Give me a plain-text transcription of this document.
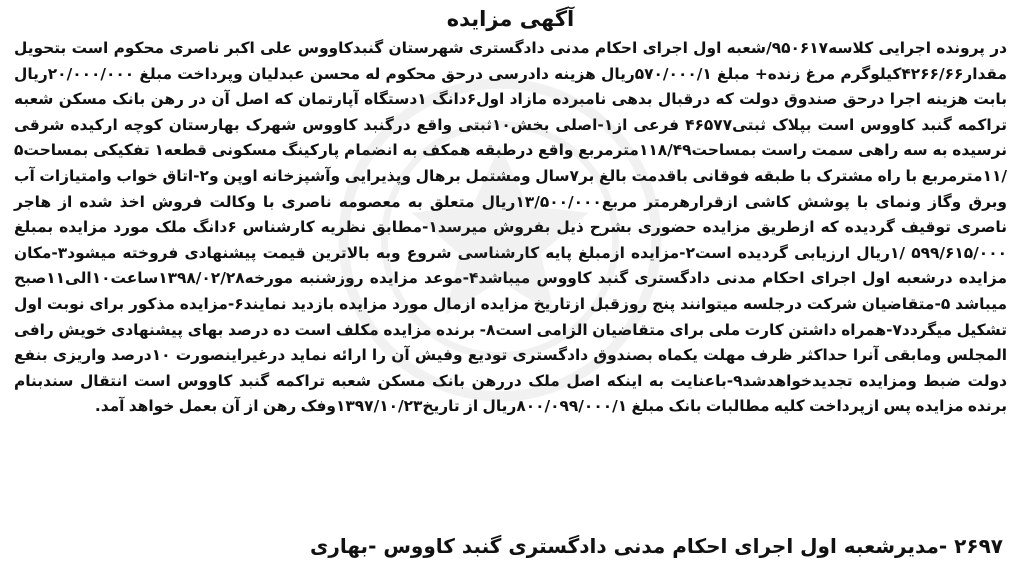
آگهی مزایده

در پرونده اجرایی کلاسه۹۵۰۶۱۷/شعبه اول اجرای احکام مدنی دادگستری شهرستان گنبدکاووس علی اکبر ناصری محکوم است بتحویل مقدار۴۲۶۶/۶۶کیلوگرم مرغ زنده+ مبلغ ۵۷۰/۰۰۰/۱ریال هزینه دادرسی درحق محکوم له محسن عبدلیان وپرداخت مبلغ ۲۰/۰۰۰/۰۰۰ریال بابت هزینه اجرا درحق صندوق دولت که درقبال بدهی نامبرده مازاد اول۶دانگ ۱دستگاه آپارتمان که اصل آن در رهن بانک مسکن شعبه تراکمه گنبد کاووس است بپلاک ثبتی۴۶۵۷۷ فرعی از۱-اصلی بخش۱۰ثبتی واقع درگنبد کاووس شهرک بهارستان کوچه ارکیده شرقی نرسیده به سه راهی سمت راست بمساحت۱۱۸/۴۹مترمربع واقع درطبقه همکف به انضمام پارکینگ مسکونی قطعه۱ تفکیکی بمساحت۵ /۱۱مترمربع با راه مشترک با طبقه فوقانی باقدمت بالغ بر۷سال ومشتمل برهال وپذیرایی وآشپزخانه اوپن و۲-اتاق خواب وامتیازات آب وبرق وگاز ونمای با پوشش کاشی ازقرارهرمتر مربع۱۳/۵۰۰/۰۰۰ریال متعلق به معصومه ناصری با وکالت فروش اخذ شده از هاجر ناصری توقیف گردیده که ازطریق مزایده حضوری بشرح ذیل بفروش میرسد۱-مطابق نظریه کارشناس ۶دانگ ملک مورد مزایده بمبلغ ۵۹۹/۶۱۵/۰۰۰ /۱ریال ارزیابی گردیده است۲-مزایده ازمبلغ پایه کارشناسی شروع وبه بالاترین قیمت پیشنهادی فروخته میشود۳-مکان مزایده درشعبه اول اجرای احکام مدنی دادگستری گنبد کاووس میباشد۴-موعد مزایده روزشنبه مورخه۱۳۹۸/۰۲/۲۸ساعت۱۰الی۱۱صبح میباشد ۵-متقاضیان شرکت درجلسه میتوانند پنج روزقبل ازتاریخ مزایده ازمال مورد مزایده بازدید نمایند۶-مزایده مذکور برای نوبت اول تشکیل میگردد۷-همراه داشتن کارت ملی برای متقاضیان الزامی است۸- برنده مزایده مکلف است ده درصد بهای پیشنهادی خویش رافی المجلس ومابقی آنرا حداکثر ظرف مهلت یکماه بصندوق دادگستری تودیع وفیش آن را ارائه نماید درغیراینصورت ۱۰درصد واریزی بنفع دولت ضبط ومزایده تجدیدخواهدشد۹-باعنایت به اینکه اصل ملک دررهن بانک مسکن شعبه تراکمه گنبد کاووس است انتقال سندبنام برنده مزایده پس ازپرداخت کلیه مطالبات بانک مبلغ ۸۰۰/۰۹۹/۰۰۰/۱ریال از تاریخ۱۳۹۷/۱۰/۲۳وفک رهن از آن بعمل خواهد آمد.

۲۶۹۷ -مدیرشعبه اول اجرای احکام مدنی دادگستری گنبد کاووس -بهاری
